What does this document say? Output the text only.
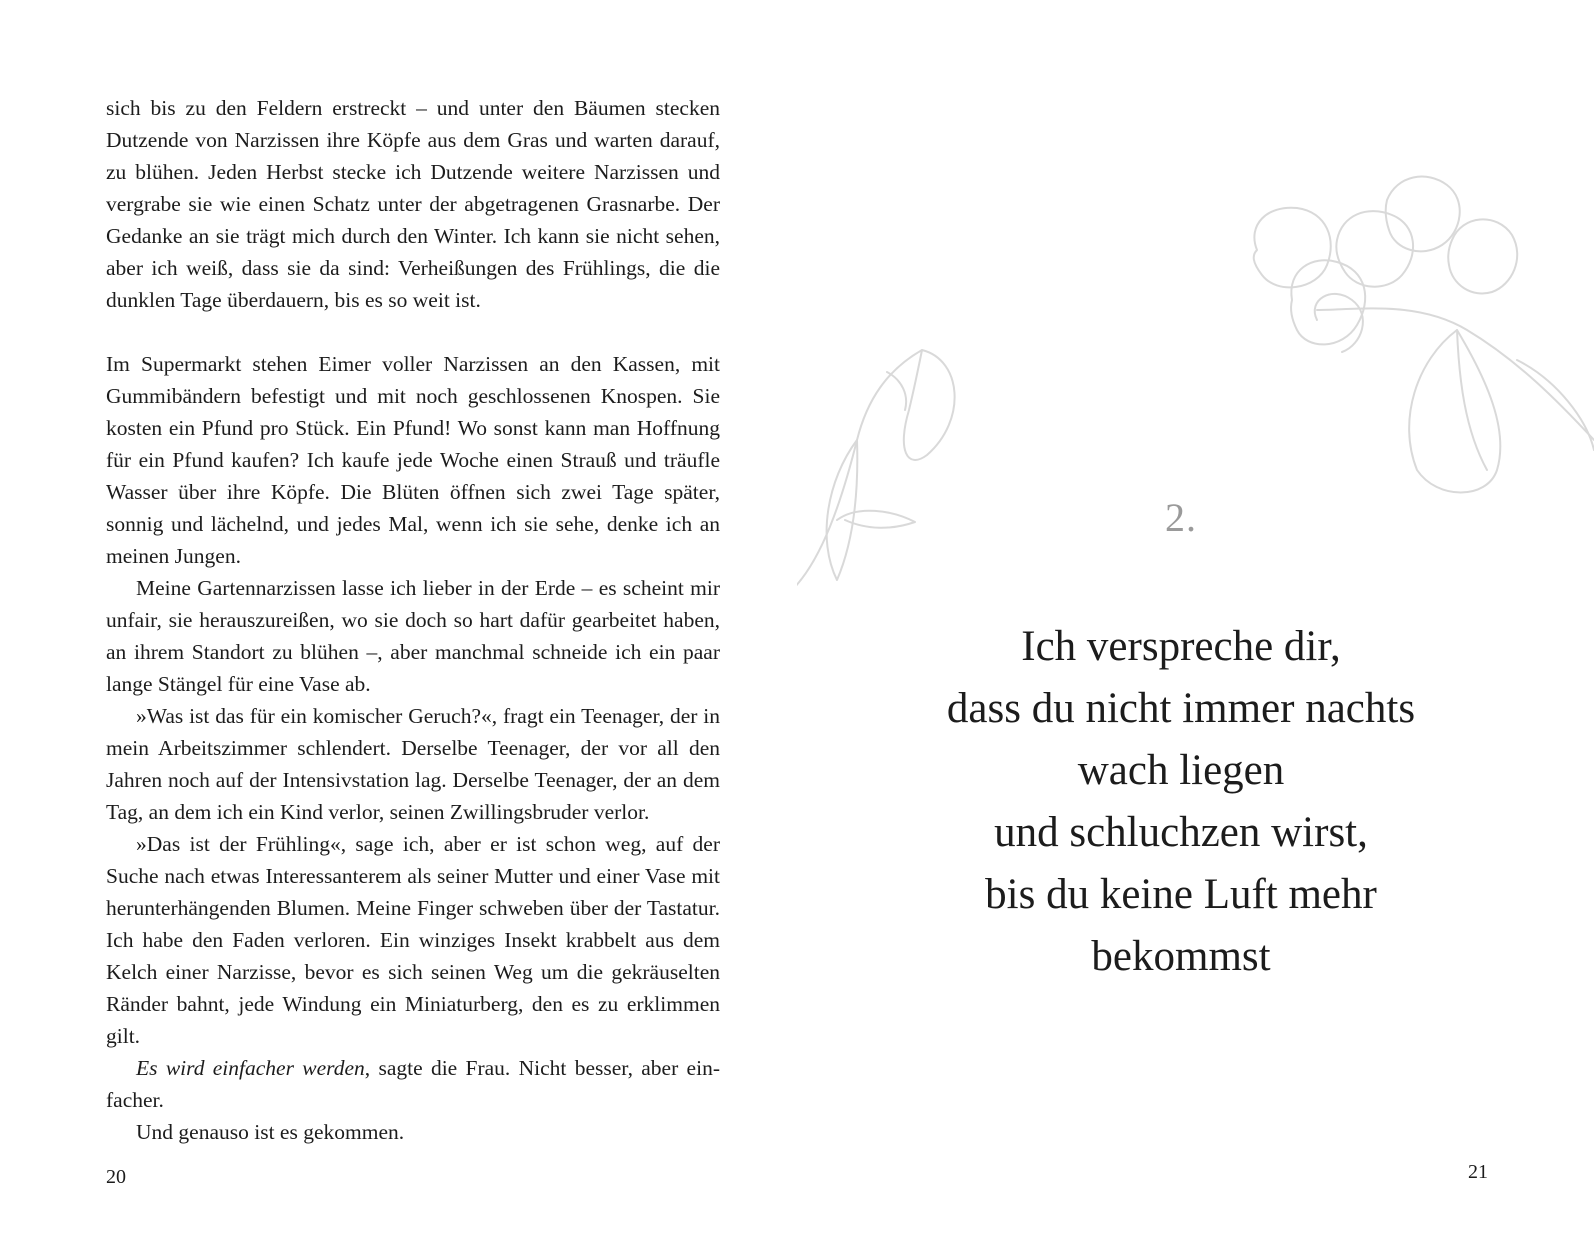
sich bis zu den Feldern erstreckt – und unter den Bäumen stecken Dutzende von Narzissen ihre Köpfe aus dem Gras und warten darauf, zu blühen. Jeden Herbst stecke ich Dutzende weitere Narzissen und vergrabe sie wie einen Schatz unter der abgetragenen Grasnarbe. Der Gedanke an sie trägt mich durch den Winter. Ich kann sie nicht sehen, aber ich weiß, dass sie da sind: Verheißungen des Frühlings, die die dunklen Tage überdauern, bis es so weit ist.

Im Supermarkt stehen Eimer voller Narzissen an den Kassen, mit Gummibändern befestigt und mit noch geschlossenen Knospen. Sie kosten ein Pfund pro Stück. Ein Pfund! Wo sonst kann man Hoffnung für ein Pfund kaufen? Ich kaufe jede Woche einen Strauß und träufle Wasser über ihre Köpfe. Die Blüten öffnen sich zwei Tage später, sonnig und lächelnd, und jedes Mal, wenn ich sie sehe, denke ich an meinen Jungen.

Meine Gartennarzissen lasse ich lieber in der Erde – es scheint mir unfair, sie herauszureißen, wo sie doch so hart dafür gearbeitet haben, an ihrem Standort zu blühen –, aber manchmal schneide ich ein paar lange Stängel für eine Vase ab.

»Was ist das für ein komischer Geruch?«, fragt ein Teenager, der in mein Arbeitszimmer schlendert. Derselbe Teenager, der vor all den Jahren noch auf der Intensivstation lag. Derselbe Teenager, der an dem Tag, an dem ich ein Kind verlor, seinen Zwillingsbruder verlor.

»Das ist der Frühling«, sage ich, aber er ist schon weg, auf der Suche nach etwas Interessanterem als seiner Mutter und einer Vase mit herunterhängenden Blumen. Meine Finger schweben über der Tastatur. Ich habe den Faden verloren. Ein winziges Insekt krabbelt aus dem Kelch einer Narzisse, bevor es sich seinen Weg um die gekräuselten Ränder bahnt, jede Windung ein Miniaturberg, den es zu erklimmen gilt.

Es wird einfacher werden, sagte die Frau. Nicht besser, aber einfacher.

Und genauso ist es gekommen.

20
2.
Ich verspreche dir,
dass du nicht immer nachts
wach liegen
und schluchzen wirst,
bis du keine Luft mehr
bekommst
21
